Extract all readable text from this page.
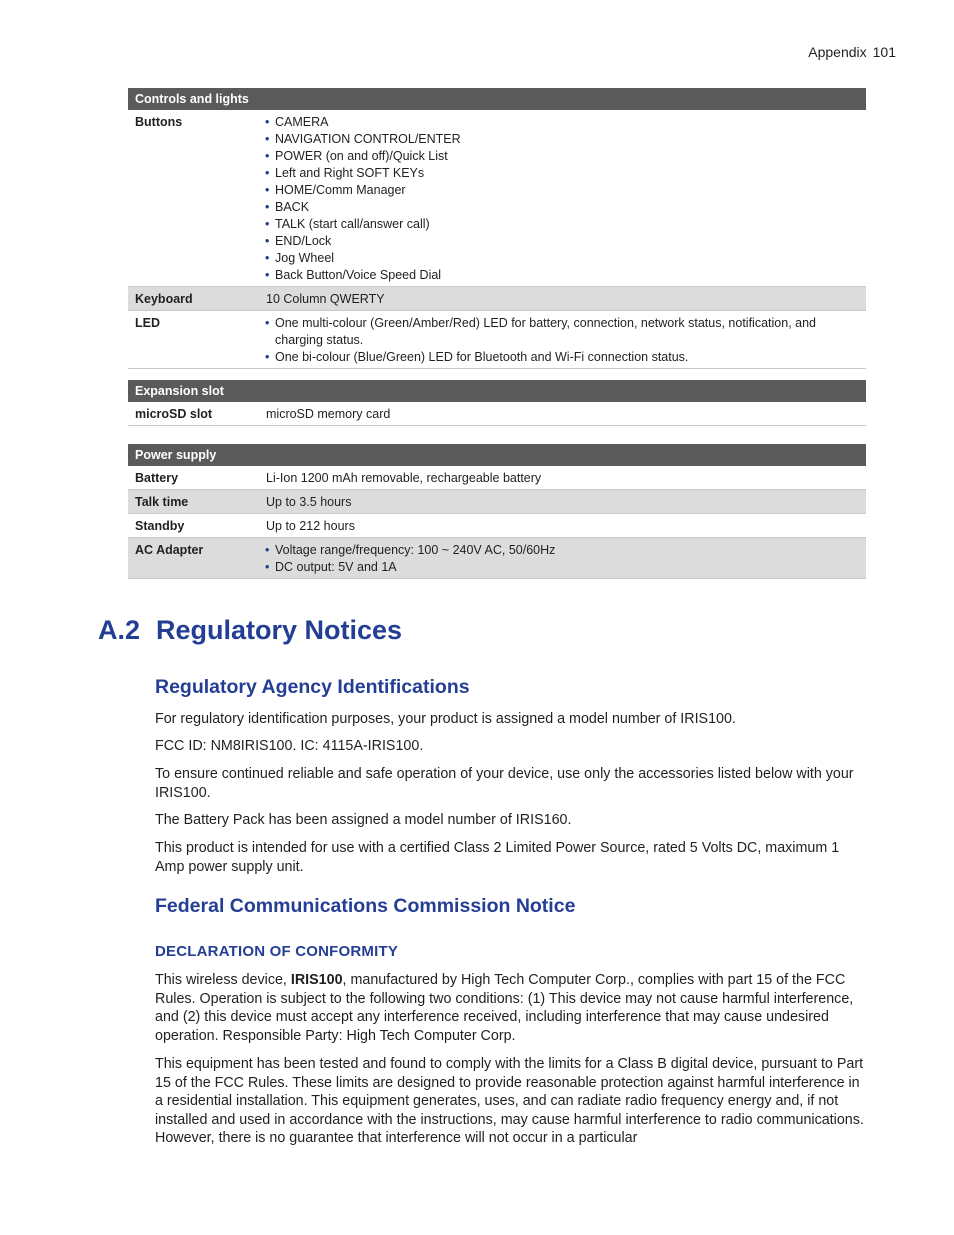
Appendix 101
Controls and lights
Buttons	• CAMERA
• NAVIGATION CONTROL/ENTER
• POWER (on and off)/Quick List
• Left and Right SOFT KEYs
• HOME/Comm Manager
• BACK
• TALK (start call/answer call)
• END/Lock
• Jog Wheel
• Back Button/Voice Speed Dial
Keyboard	10 Column QWERTY
LED	• One multi-colour (Green/Amber/Red) LED for battery, connection, network status, notification, and charging status.
• One bi-colour (Blue/Green) LED for Bluetooth and Wi-Fi connection status.
Expansion slot
microSD slot	microSD memory card
Power supply
Battery	Li-Ion 1200 mAh removable, rechargeable battery
Talk time	Up to 3.5 hours
Standby	Up to 212 hours
AC Adapter	• Voltage range/frequency: 100 ~ 240V AC, 50/60Hz
• DC output: 5V and 1A
A.2 Regulatory Notices
Regulatory Agency Identifications

For regulatory identification purposes, your product is assigned a model number of IRIS100.

FCC ID: NM8IRIS100. IC: 4115A-IRIS100.

To ensure continued reliable and safe operation of your device, use only the accessories listed below with your IRIS100.

The Battery Pack has been assigned a model number of IRIS160.

This product is intended for use with a certified Class 2 Limited Power Source, rated 5 Volts DC, maximum 1 Amp power supply unit.

Federal Communications Commission Notice
DECLARATION OF CONFORMITY

This wireless device, IRIS100, manufactured by High Tech Computer Corp., complies with part 15 of the FCC Rules. Operation is subject to the following two conditions: (1) This device may not cause harmful interference, and (2) this device must accept any interference received, including interference that may cause undesired operation. Responsible Party: High Tech Computer Corp.

This equipment has been tested and found to comply with the limits for a Class B digital device, pursuant to Part 15 of the FCC Rules. These limits are designed to provide reasonable protection against harmful interference in a residential installation. This equipment generates, uses, and can radiate radio frequency energy and, if not installed and used in accordance with the instructions, may cause harmful interference to radio communications. However, there is no guarantee that interference will not occur in a particular
